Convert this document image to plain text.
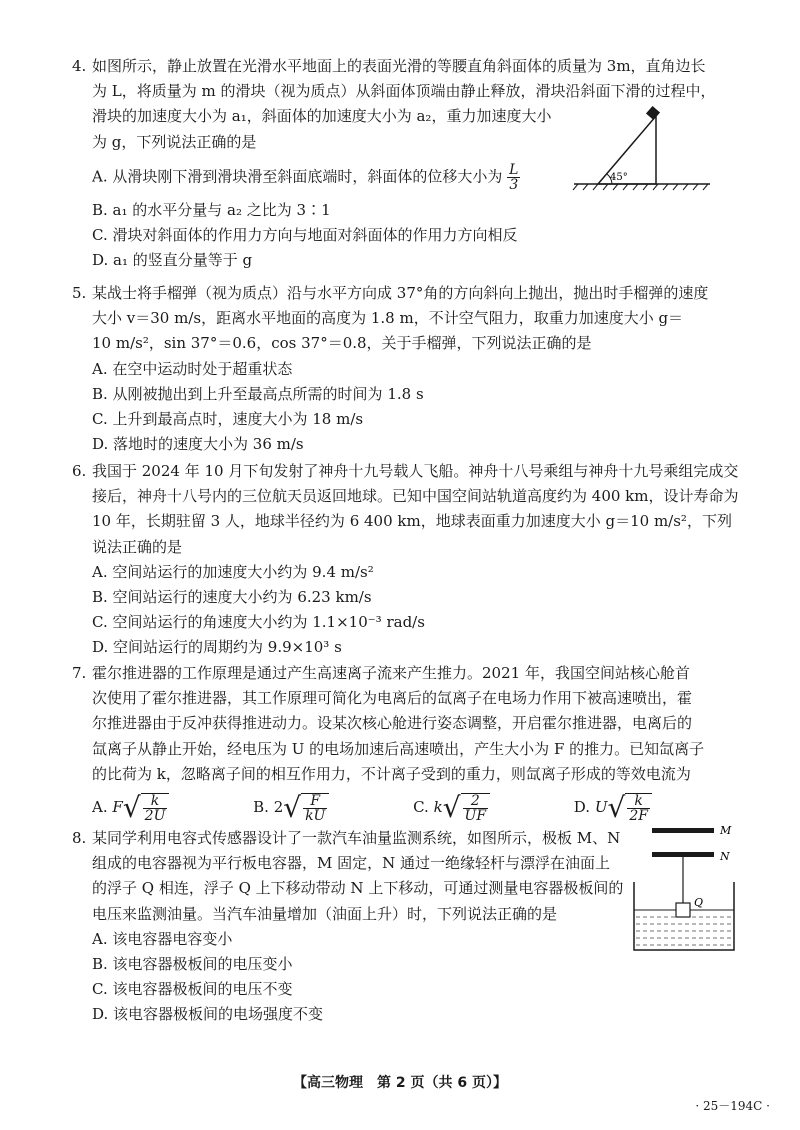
4. 如图所示，静止放置在光滑水平地面上的表面光滑的等腰直角斜面体的质量为 3m，直角边长
为 L，将质量为 m 的滑块（视为质点）从斜面体顶端由静止释放，滑块沿斜面下滑的过程中，
滑块的加速度大小为 a₁，斜面体的加速度大小为 a₂，重力加速度大小
为 g，下列说法正确的是
A. 从滑块刚下滑到滑块滑至斜面底端时，斜面体的位移大小为 $\frac{L}{3}$
B. a₁ 的水平分量与 a₂ 之比为 3∶1
C. 滑块对斜面体的作用力方向与地面对斜面体的作用力方向相反
D. a₁ 的竖直分量等于 g
45°
5. 某战士将手榴弹（视为质点）沿与水平方向成 37°角的方向斜向上抛出，抛出时手榴弹的速度
大小 v＝30 m/s，距离水平地面的高度为 1.8 m，不计空气阻力，取重力加速度大小 g＝
10 m/s²，sin 37°＝0.6，cos 37°＝0.8，关于手榴弹，下列说法正确的是
A. 在空中运动时处于超重状态
B. 从刚被抛出到上升至最高点所需的时间为 1.8 s
C. 上升到最高点时，速度大小为 18 m/s
D. 落地时的速度大小为 36 m/s
6. 我国于 2024 年 10 月下旬发射了神舟十九号载人飞船。神舟十八号乘组与神舟十九号乘组完成交
接后，神舟十八号内的三位航天员返回地球。已知中国空间站轨道高度约为 400 km，设计寿命为
10 年，长期驻留 3 人，地球半径约为 6 400 km，地球表面重力加速度大小 g＝10 m/s²，下列
说法正确的是
A. 空间站运行的加速度大小约为 9.4 m/s²
B. 空间站运行的速度大小约为 6.23 km/s
C. 空间站运行的角速度大小约为 1.1×10⁻³ rad/s
D. 空间站运行的周期约为 9.9×10³ s
7. 霍尔推进器的工作原理是通过产生高速离子流来产生推力。2021 年，我国空间站核心舱首
次使用了霍尔推进器，其工作原理可简化为电离后的氙离子在电场力作用下被高速喷出，霍
尔推进器由于反冲获得推进动力。设某次核心舱进行姿态调整，开启霍尔推进器，电离后的
氙离子从静止开始，经电压为 U 的电场加速后高速喷出，产生大小为 F 的推力。已知氙离子
的比荷为 k，忽略离子间的相互作用力，不计离子受到的重力，则氙离子形成的等效电流为
A.
F √ $\frac{k}{2U}$	B.
2 √ $\frac{F}{kU}$	C.
k √ $\frac{2}{UF}$	D.
U √ $\frac{k}{2F}$
8. 某同学利用电容式传感器设计了一款汽车油量监测系统，如图所示，极板 M、N
组成的电容器视为平行板电容器，M 固定，N 通过一绝缘轻杆与漂浮在油面上
的浮子 Q 相连，浮子 Q 上下移动带动 N 上下移动，可通过测量电容器极板间的
电压来监测油量。当汽车油量增加（油面上升）时，下列说法正确的是
A. 该电容器电容变小
B. 该电容器极板间的电压变小
C. 该电容器极板间的电压不变
D. 该电容器极板间的电场强度不变
M
N
Q
【高三物理　第 2 页（共 6 页）】
· 25－194C ·
